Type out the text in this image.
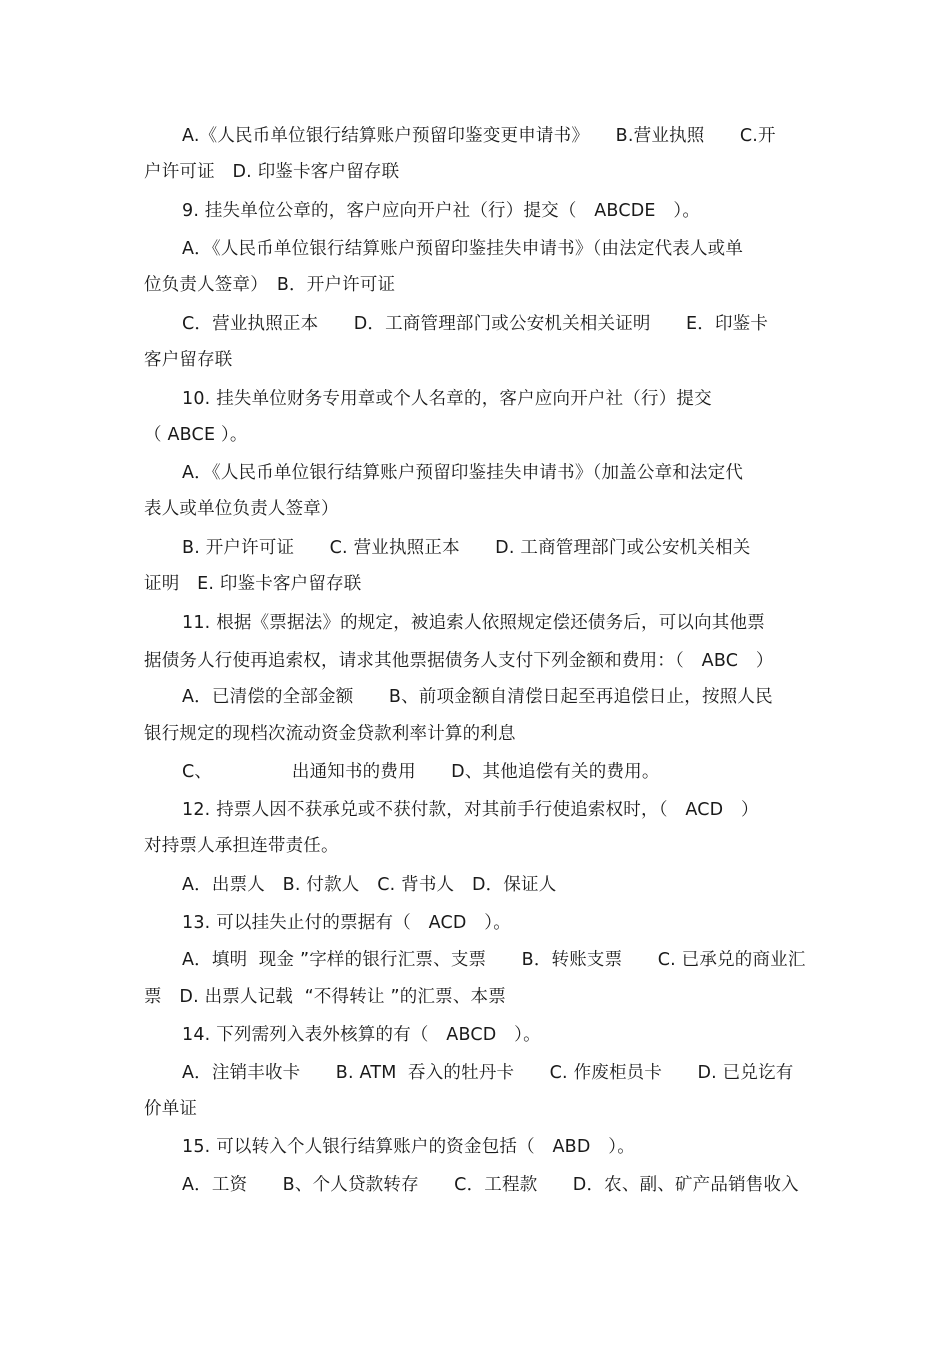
A.《人民币单位银行结算账户预留印鉴变更申请书》　　B.营业执照　　C.开
户许可证　D. 印鉴卡客户留存联
9. 挂失单位公章的，客户应向开户社（行）提交（　ABCDE　）。
A．《人民币单位银行结算账户预留印鉴挂失申请书》（由法定代表人或单
位负责人签章）　B．开户许可证
C．营业执照正本　　D．工商管理部门或公安机关相关证明　　E．印鉴卡
客户留存联
10. 挂失单位财务专用章或个人名章的，客户应向开户社（行）提交
（ ABCE ）。
A．《人民币单位银行结算账户预留印鉴挂失申请书》（加盖公章和法定代
表人或单位负责人签章）
B. 开户许可证　　C. 营业执照正本　　D. 工商管理部门或公安机关相关
证明　E. 印鉴卡客户留存联
11. 根据《票据法》的规定，被追索人依照规定偿还债务后，可以向其他票
据债务人行使再追索权，请求其他票据债务人支付下列金额和费用：（　ABC　）
A．已清偿的全部金额　　B、前项金额自清偿日起至再追偿日止，按照人民
银行规定的现档次流动资金贷款利率计算的利息
C、　　　　　出通知书的费用　　D、其他追偿有关的费用。
12. 持票人因不获承兑或不获付款，对其前手行使追索权时，（　ACD　）
对持票人承担连带责任。
A．出票人　B. 付款人　C. 背书人　D．保证人
13. 可以挂失止付的票据有（　ACD　）。
A．填明  现金 ”字样的银行汇票、支票　　B．转账支票　　C. 已承兑的商业汇
票　D. 出票人记载  “不得转让 ”的汇票、本票
14. 下列需列入表外核算的有（　ABCD　）。
A．注销丰收卡　　B. ATM  吞入的牡丹卡　　C. 作废柜员卡　　D. 已兑讫有
价单证
15. 可以转入个人银行结算账户的资金包括（　ABD　）。
A．工资　　B、个人贷款转存　　C．工程款　　D．农、副、矿产品销售收入
